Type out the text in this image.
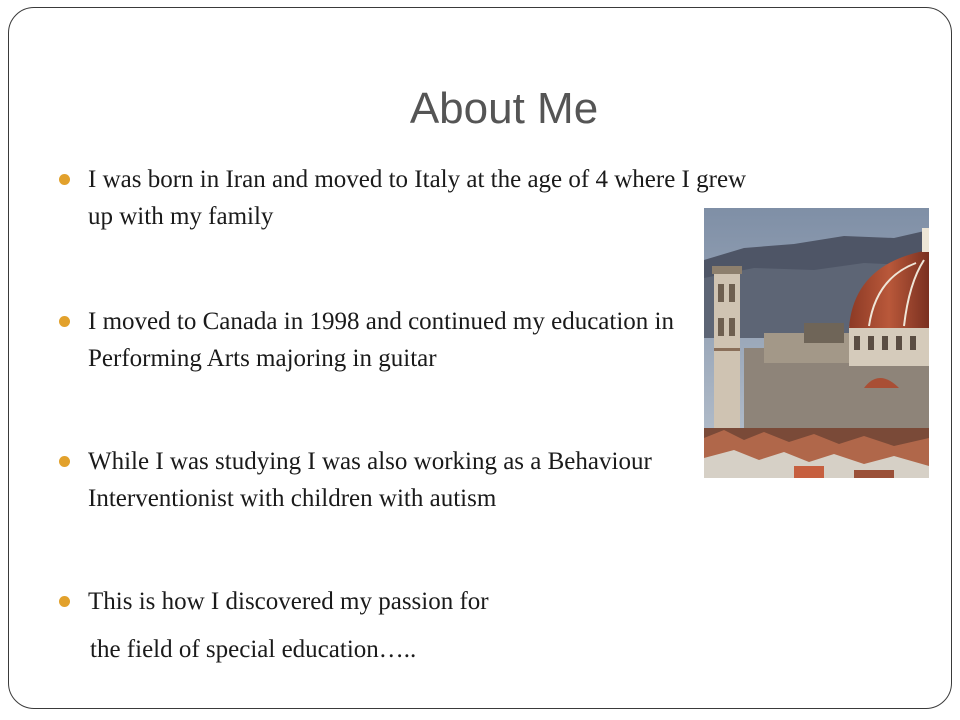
About Me
I was born in Iran and moved to Italy at the age of 4 where I grew up with my family
I moved to Canada in 1998 and continued my education in Performing Arts majoring in guitar
While I was studying I was also working as a Behaviour Interventionist with children with autism
This is how I discovered my passion for
the field of special education…..
